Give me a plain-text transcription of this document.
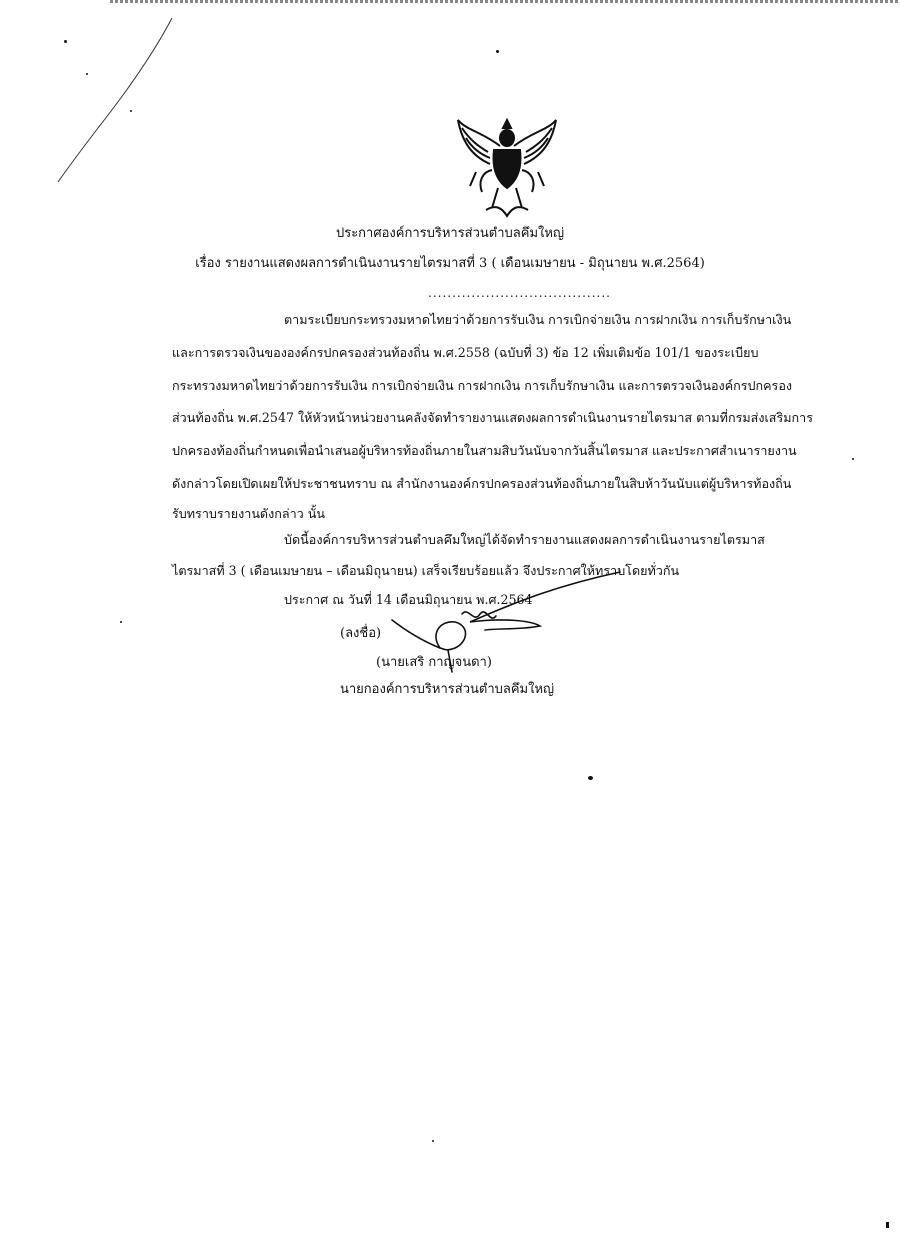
ประกาศองค์การบริหารส่วนตำบลคึมใหญ่
เรื่อง รายงานแสดงผลการดำเนินงานรายไตรมาสที่ 3 ( เดือนเมษายน - มิถุนายน พ.ศ.2564)
......................................
ตามระเบียบกระทรวงมหาดไทยว่าด้วยการรับเงิน การเบิกจ่ายเงิน การฝากเงิน การเก็บรักษาเงิน
และการตรวจเงินขององค์กรปกครองส่วนท้องถิ่น พ.ศ.2558 (ฉบับที่ 3) ข้อ 12 เพิ่มเติมข้อ 101/1 ของระเบียบ
กระทรวงมหาดไทยว่าด้วยการรับเงิน การเบิกจ่ายเงิน การฝากเงิน การเก็บรักษาเงิน และการตรวจเงินองค์กรปกครอง
ส่วนท้องถิ่น พ.ศ.2547 ให้หัวหน้าหน่วยงานคลังจัดทำรายงานแสดงผลการดำเนินงานรายไตรมาส ตามที่กรมส่งเสริมการ
ปกครองท้องถิ่นกำหนดเพื่อนำเสนอผู้บริหารท้องถิ่นภายในสามสิบวันนับจากวันสิ้นไตรมาส และประกาศสำเนารายงาน
ดังกล่าวโดยเปิดเผยให้ประชาชนทราบ ณ สำนักงานองค์กรปกครองส่วนท้องถิ่นภายในสิบห้าวันนับแต่ผู้บริหารท้องถิ่น
รับทราบรายงานดังกล่าว นั้น
บัดนี้องค์การบริหารส่วนตำบลคึมใหญ่ได้จัดทำรายงานแสดงผลการดำเนินงานรายไตรมาส
ไตรมาสที่ 3 ( เดือนเมษายน – เดือนมิถุนายน) เสร็จเรียบร้อยแล้ว จึงประกาศให้ทราบโดยทั่วกัน
ประกาศ ณ วันที่ 14 เดือนมิถุนายน พ.ศ.2564
(ลงชื่อ)
(นายเสริ กาญจนดา)
นายกองค์การบริหารส่วนตำบลคึมใหญ่
